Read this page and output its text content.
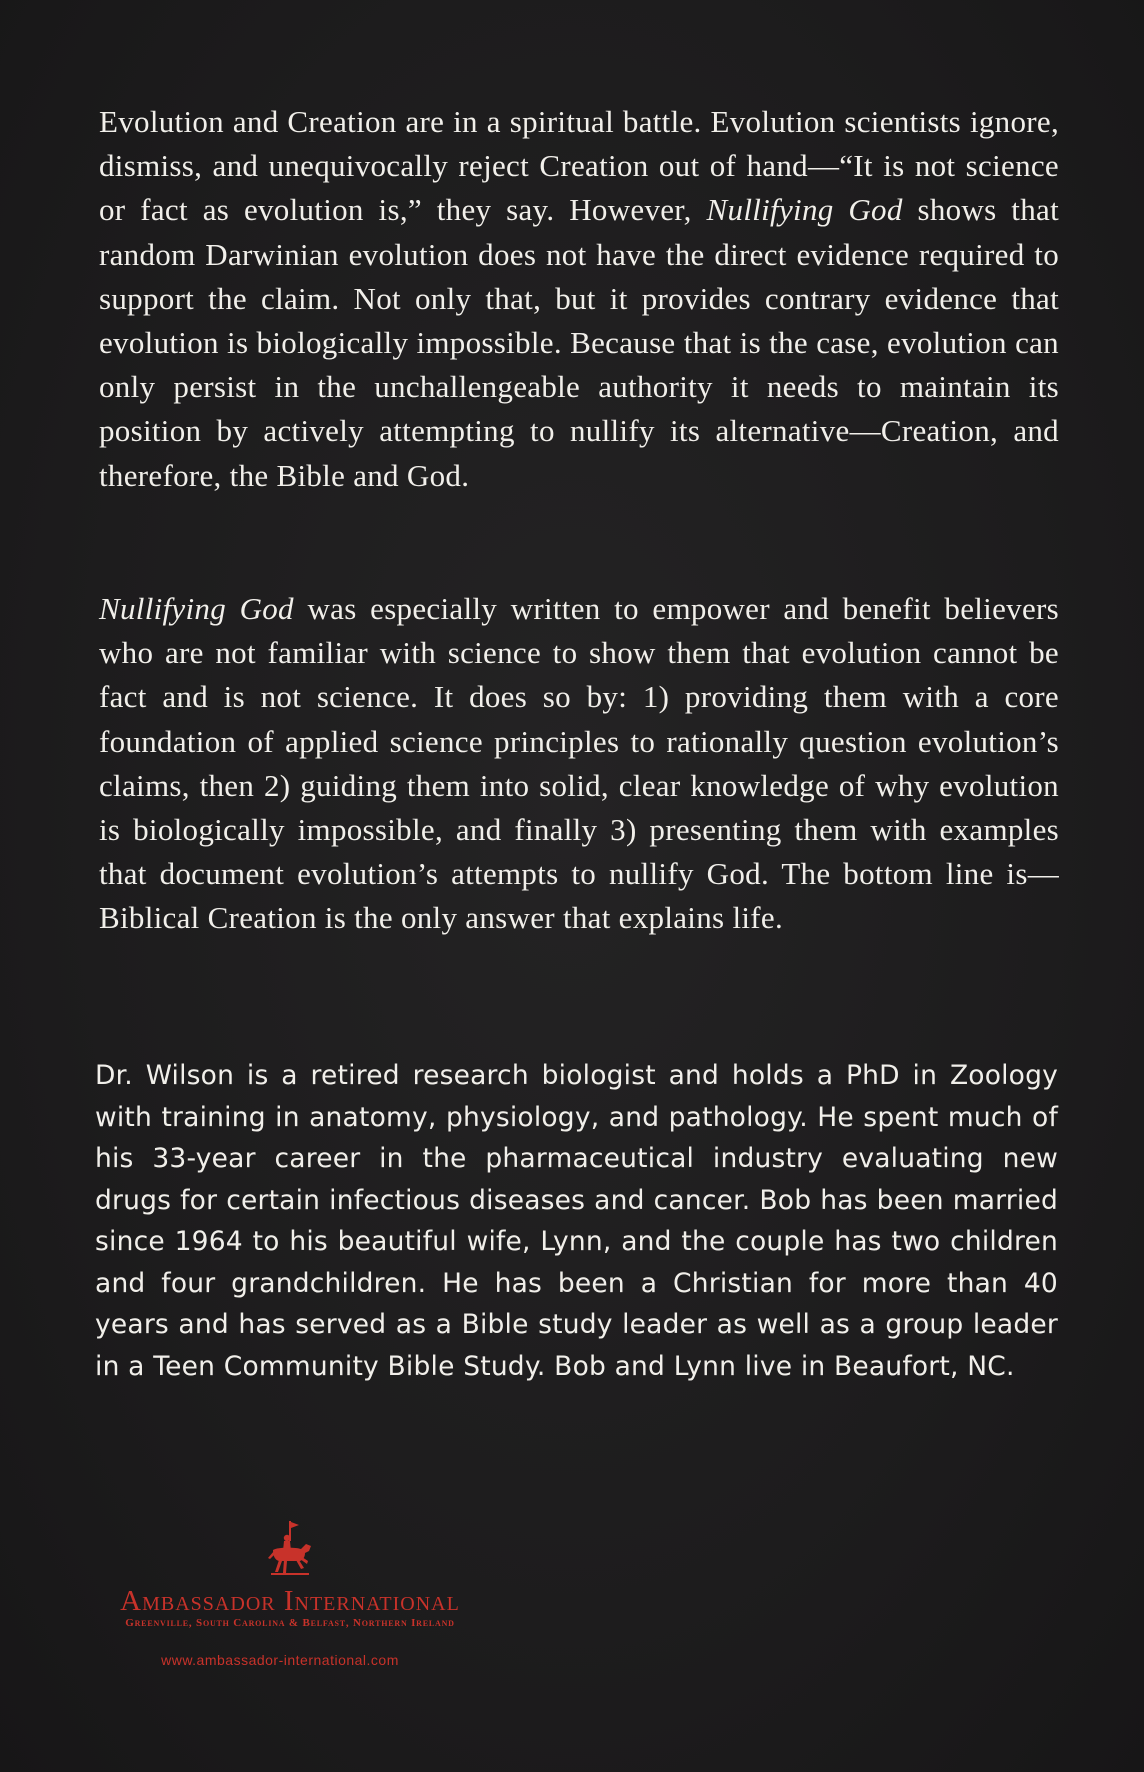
Evolution and Creation are in a spiritual battle. Evolution scientists ignore, dismiss, and unequivocally reject Creation out of hand—“It is not science or fact as evolution is,” they say. However, Nullifying God shows that random Darwinian evolution does not have the direct evidence required to support the claim. Not only that, but it provides contrary evidence that evolution is biologically impossible. Because that is the case, evolution can only persist in the unchallengeable authority it needs to maintain its position by actively attempting to nullify its alternative—Creation, and therefore, the Bible and God.

Nullifying God was especially written to empower and benefit believers who are not familiar with science to show them that evolution cannot be fact and is not science. It does so by: 1) providing them with a core foundation of applied science principles to rationally question evolution’s claims, then 2) guiding them into solid, clear knowledge of why evolution is biologically impossible, and finally 3) presenting them with examples that document evolution’s attempts to nullify God. The bottom line is—Biblical Creation is the only answer that explains life.

Dr. Wilson is a retired research biologist and holds a PhD in Zoology with training in anatomy, physiology, and pathology. He spent much of his 33-year career in the pharmaceutical industry evaluating new drugs for certain infectious diseases and cancer. Bob has been married since 1964 to his beautiful wife, Lynn, and the couple has two children and four grandchildren. He has been a Christian for more than 40 years and has served as a Bible study leader as well as a group leader in a Teen Community Bible Study. Bob and Lynn live in Beaufort, NC.

Ambassador International
Greenville, South Carolina & Belfast, Northern Ireland
www.ambassador-international.com
